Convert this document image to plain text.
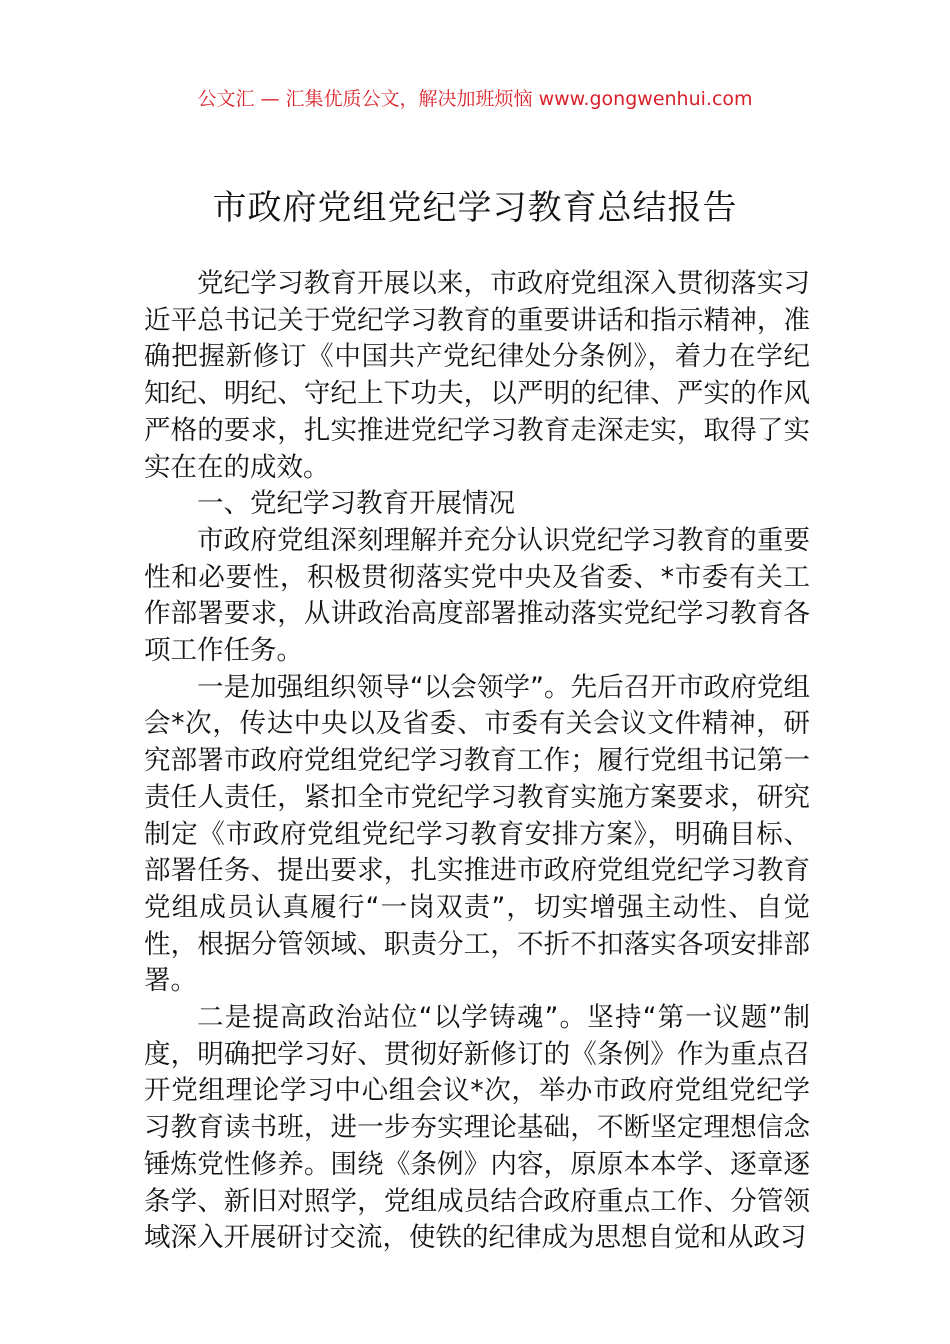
公文汇 — 汇集优质公文，解决加班烦恼 www.gongwenhui.com
市政府党组党纪学习教育总结报告

党纪学习教育开展以来，市政府党组深入贯彻落实习近平总书记关于党纪学习教育的重要讲话和指示精神，准确把握新修订《中国共产党纪律处分条例》，着力在学纪知纪、明纪、守纪上下功夫，以严明的纪律、严实的作风严格的要求，扎实推进党纪学习教育走深走实，取得了实实在在的成效。

一、党纪学习教育开展情况

市政府党组深刻理解并充分认识党纪学习教育的重要性和必要性，积极贯彻落实党中央及省委、*市委有关工作部署要求，从讲政治高度部署推动落实党纪学习教育各项工作任务。

一是加强组织领导“以会领学”。先后召开市政府党组会*次，传达中央以及省委、市委有关会议文件精神，研究部署市政府党组党纪学习教育工作；履行党组书记第一责任人责任，紧扣全市党纪学习教育实施方案要求，研究制定《市政府党组党纪学习教育安排方案》，明确目标、部署任务、提出要求，扎实推进市政府党组党纪学习教育党组成员认真履行“一岗双责”，切实增强主动性、自觉性，根据分管领域、职责分工，不折不扣落实各项安排部署。

二是提高政治站位“以学铸魂”。坚持“第一议题”制度，明确把学习好、贯彻好新修订的《条例》作为重点召开党组理论学习中心组会议*次，举办市政府党组党纪学习教育读书班，进一步夯实理论基础，不断坚定理想信念锤炼党性修养。围绕《条例》内容，原原本本学、逐章逐条学、新旧对照学，党组成员结合政府重点工作、分管领域深入开展研讨交流，使铁的纪律成为思想自觉和从政习
